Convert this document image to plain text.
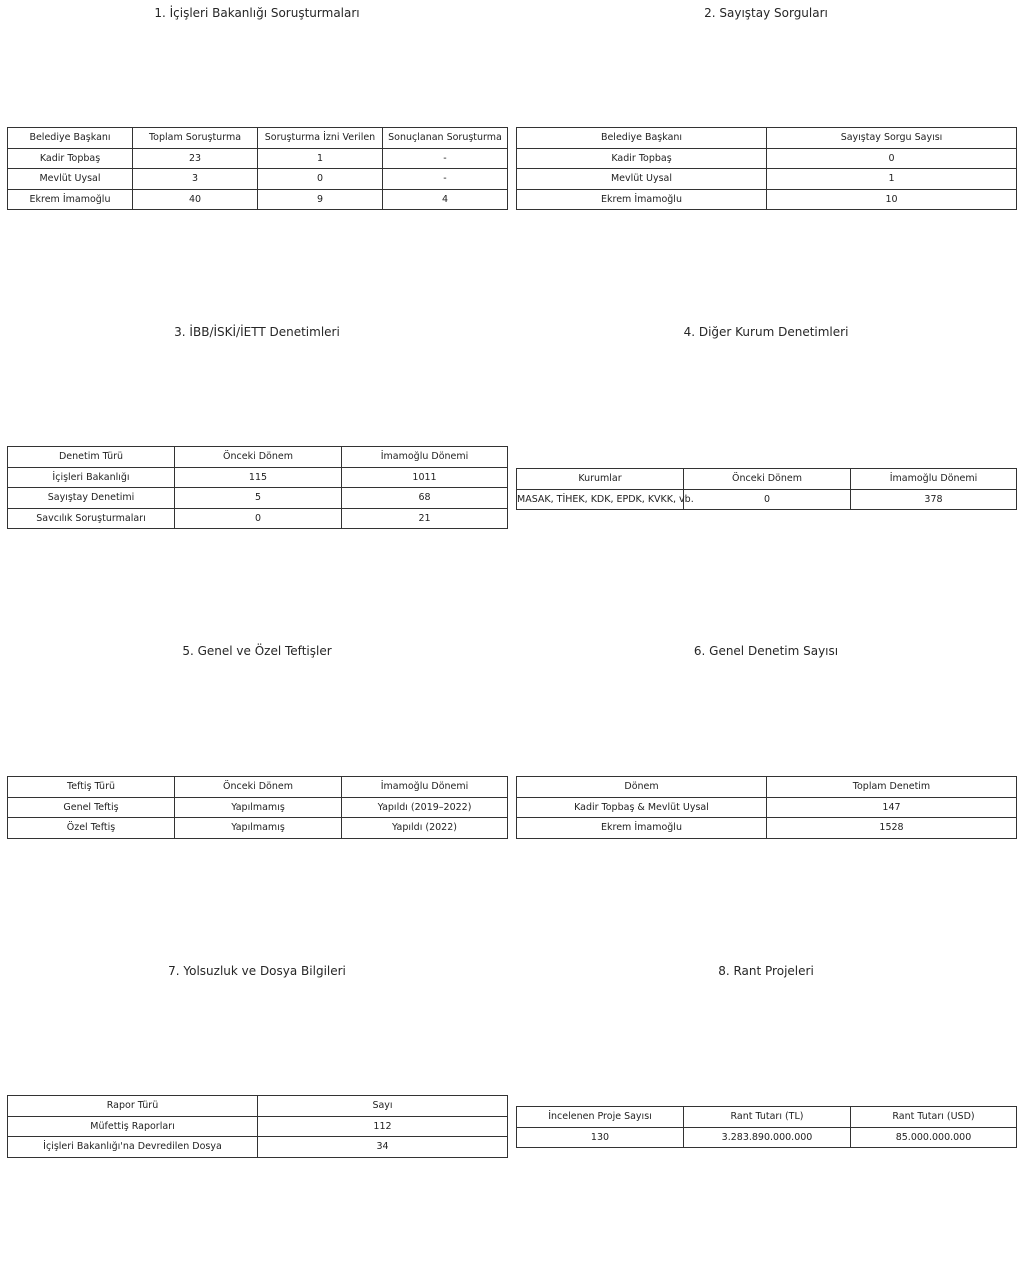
1. İçişleri Bakanlığı Soruşturmaları
Belediye Başkanı	Toplam Soruşturma	Soruşturma İzni Verilen	Sonuçlanan Soruşturma
Kadir Topbaş	23	1	-
Mevlüt Uysal	3	0	-
Ekrem İmamoğlu	40	9	4
2. Sayıştay Sorguları
Belediye Başkanı	Sayıştay Sorgu Sayısı
Kadir Topbaş	0
Mevlüt Uysal	1
Ekrem İmamoğlu	10
3. İBB/İSKİ/İETT Denetimleri
Denetim Türü	Önceki Dönem	İmamoğlu Dönemi
İçişleri Bakanlığı	115	1011
Sayıştay Denetimi	5	68
Savcılık Soruşturmaları	0	21
4. Diğer Kurum Denetimleri
Kurumlar	Önceki Dönem	İmamoğlu Dönemi
MASAK, TİHEK, KDK, EPDK, KVKK, vb.	0	378
5. Genel ve Özel Teftişler
Teftiş Türü	Önceki Dönem	İmamoğlu Dönemi
Genel Teftiş	Yapılmamış	Yapıldı (2019–2022)
Özel Teftiş	Yapılmamış	Yapıldı (2022)
6. Genel Denetim Sayısı
Dönem	Toplam Denetim
Kadir Topbaş & Mevlüt Uysal	147
Ekrem İmamoğlu	1528
7. Yolsuzluk ve Dosya Bilgileri
Rapor Türü	Sayı
Müfettiş Raporları	112
İçişleri Bakanlığı'na Devredilen Dosya	34
8. Rant Projeleri
İncelenen Proje Sayısı	Rant Tutarı (TL)	Rant Tutarı (USD)
130	3.283.890.000.000	85.000.000.000
